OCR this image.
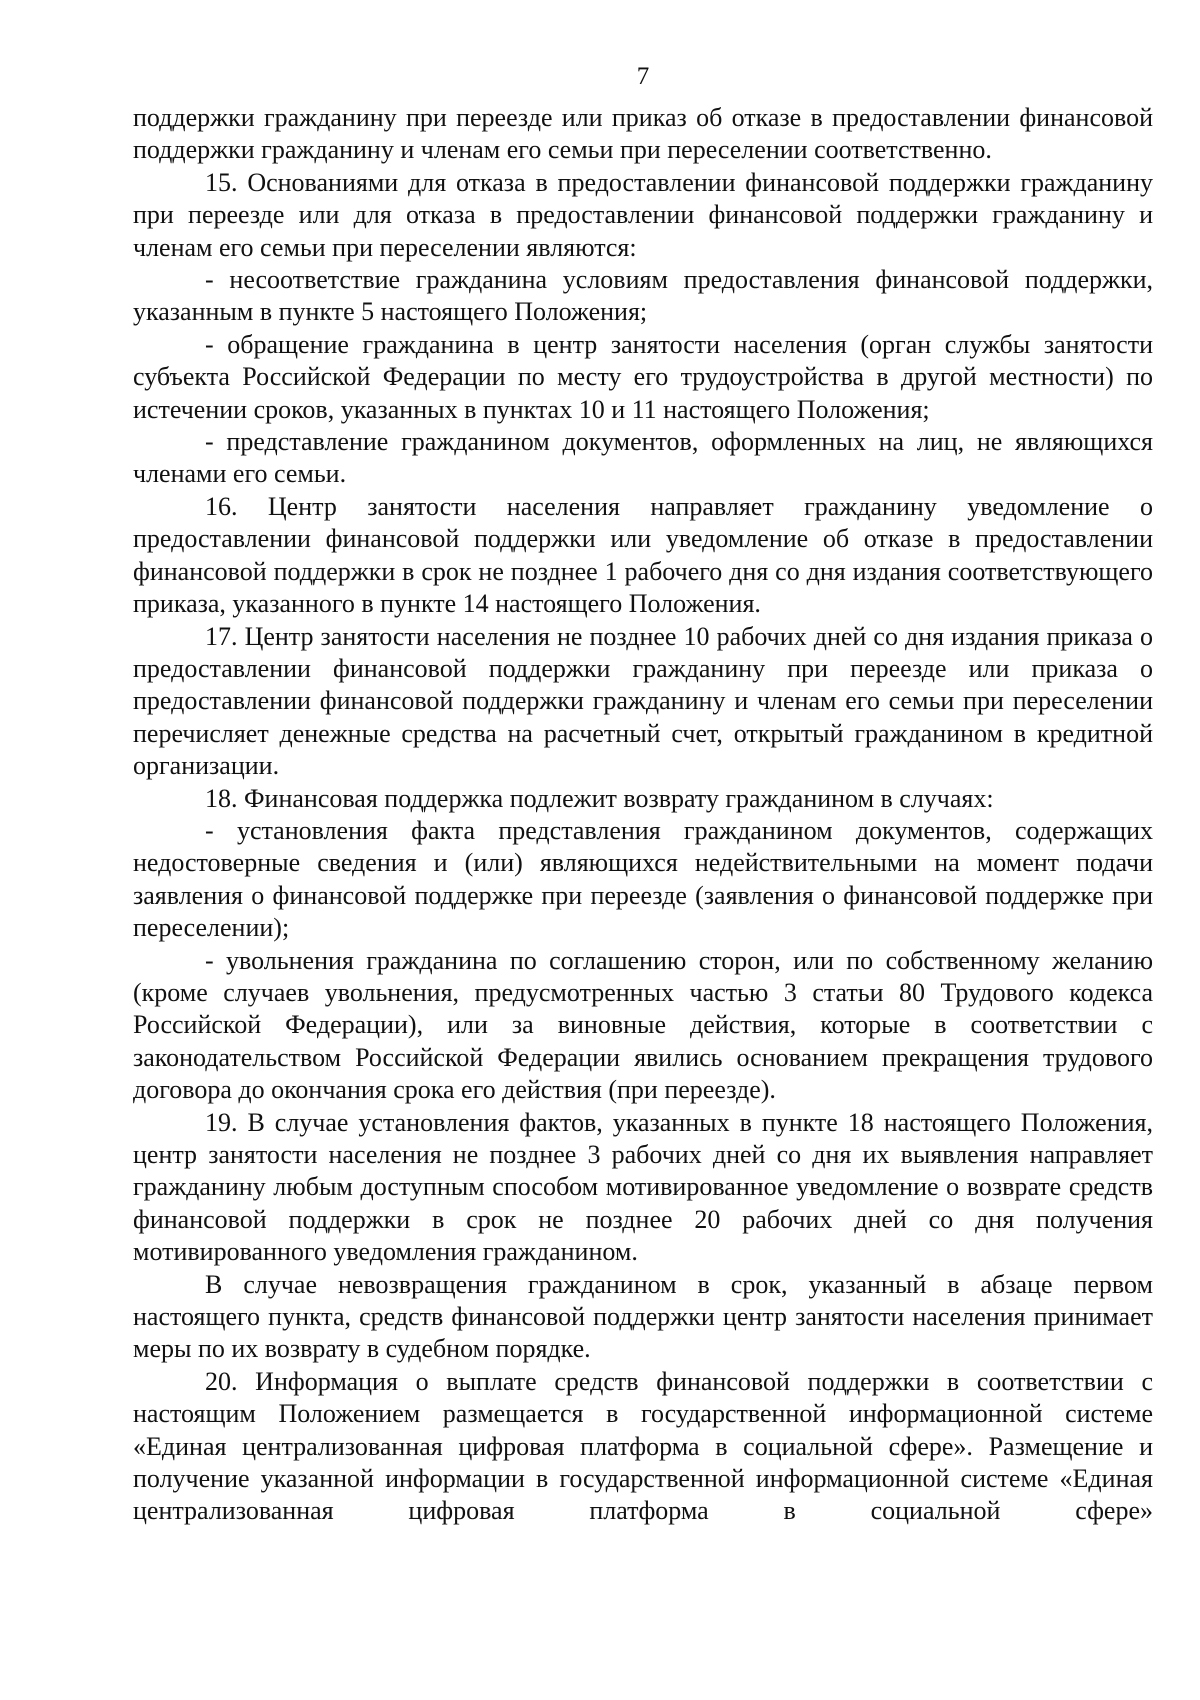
7

поддержки гражданину при переезде или приказ об отказе в предоставлении финансовой поддержки гражданину и членам его семьи при переселении соответственно.

15. Основаниями для отказа в предоставлении финансовой поддержки гражданину при переезде или для отказа в предоставлении финансовой поддержки гражданину и членам его семьи при переселении являются:

- несоответствие гражданина условиям предоставления финансовой поддержки, указанным в пункте 5 настоящего Положения;

- обращение гражданина в центр занятости населения (орган службы занятости субъекта Российской Федерации по месту его трудоустройства в другой местности) по истечении сроков, указанных в пунктах 10 и 11 настоящего Положения;

- представление гражданином документов, оформленных на лиц, не являющихся членами его семьи.

16. Центр занятости населения направляет гражданину уведомление о предоставлении финансовой поддержки или уведомление об отказе в предоставлении финансовой поддержки в срок не позднее 1 рабочего дня со дня издания соответствующего приказа, указанного в пункте 14 настоящего Положения.

17. Центр занятости населения не позднее 10 рабочих дней со дня издания приказа о предоставлении финансовой поддержки гражданину при переезде или приказа о предоставлении финансовой поддержки гражданину и членам его семьи при переселении перечисляет денежные средства на расчетный счет, открытый гражданином в кредитной организации.

18. Финансовая поддержка подлежит возврату гражданином в случаях:

- установления факта представления гражданином документов, содержащих недостоверные сведения и (или) являющихся недействительными на момент подачи заявления о финансовой поддержке при переезде (заявления о финансовой поддержке при переселении);

- увольнения гражданина по соглашению сторон, или по собственному желанию (кроме случаев увольнения, предусмотренных частью 3 статьи 80 Трудового кодекса Российской Федерации), или за виновные действия, которые в соответствии с законодательством Российской Федерации явились основанием прекращения трудового договора до окончания срока его действия (при переезде).

19. В случае установления фактов, указанных в пункте 18 настоящего Положения, центр занятости населения не позднее 3 рабочих дней со дня их выявления направляет гражданину любым доступным способом мотивированное уведомление о возврате средств финансовой поддержки в срок не позднее 20 рабочих дней со дня получения мотивированного уведомления гражданином.

В случае невозвращения гражданином в срок, указанный в абзаце первом настоящего пункта, средств финансовой поддержки центр занятости населения принимает меры по их возврату в судебном порядке.

20. Информация о выплате средств финансовой поддержки в соответствии с настоящим Положением размещается в государственной информационной системе «Единая централизованная цифровая платформа в социальной сфере». Размещение и получение указанной информации в государственной информационной системе «Единая централизованная цифровая платформа в социальной сфере»
